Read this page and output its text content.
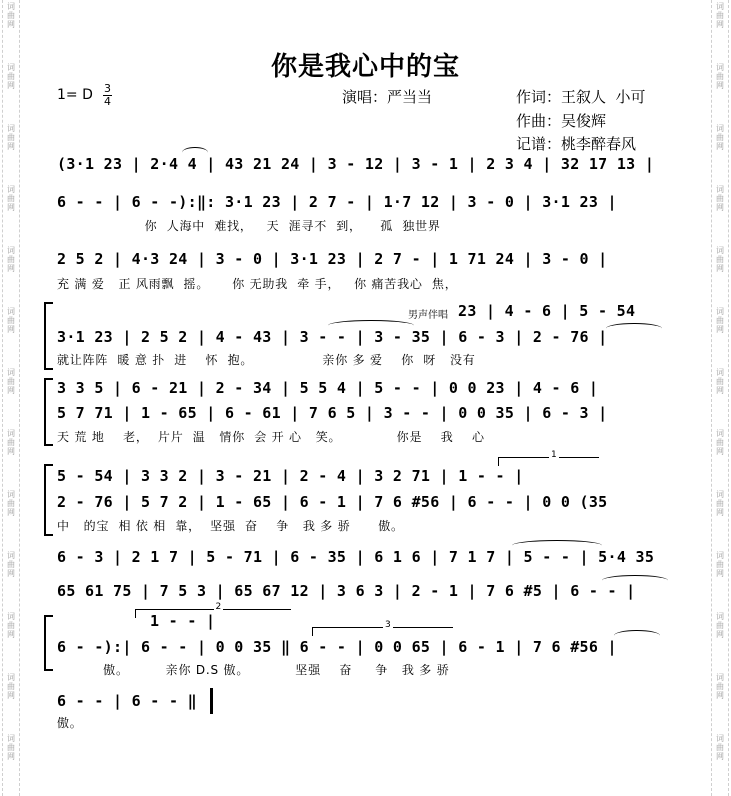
词
曲
网
词
曲
网
词
曲
网
词
曲
网
词
曲
网
词
曲
网
词
曲
网
词
曲
网
词
曲
网
词
曲
网
词
曲
网
词
曲
网
词
曲
网
词
曲
网
词
曲
网
词
曲
网
词
曲
网
词
曲
网
词
曲
网
词
曲
网
词
曲
网
词
曲
网
词
曲
网
词
曲
网
词
曲
网
词
曲
网
你是我心中的宝
1= D 3
4	演唱：严当当	作词：王叙人  小可
作曲：吴俊辉
记谱：桃李醉春风
(3·1 23 | 2·4 4 | 43 21 24 | 3 - 12 | 3 - 1 | 2 3 4 | 32 17 13 |
6 - - | 6 - -):‖: 3·1 23 | 2 7 - | 1·7 12 | 3 - 0 | 3·1 23 |
你  人海中  难找，   天  涯寻不  到，    孤  独世界
2 5 2 | 4·3 24 | 3 - 0 | 3·1 23 | 2 7 - | 1 71 24 | 3 - 0 |
充 满 爱   正 风雨飘  摇。     你 无助我  牵 手，   你 痛苦我心  焦，
男声伴唱 23 | 4 - 6 | 5 - 54
3·1 23 | 2 5 2 | 4 - 43 | 3 - - | 3 - 35 | 6 - 3 | 2 - 76 |
就让阵阵  暖 意 扑  进    怀  抱。               亲你 多 爱    你  呀   没有
3 3 5 | 6 - 21 | 2 - 34 | 5 5 4 | 5 - - | 0 0 23 | 4 - 6 |
5 7 71 | 1 - 65 | 6 - 61 | 7 6 5 | 3 - - | 0 0 35 | 6 - 3 |
天 荒 地    老，  片片  温   情你  会 开 心   笑。            你是    我    心
1
5 - 54 | 3 3 2 | 3 - 21 | 2 - 4 | 3 2 71 | 1 - - |
2 - 76 | 5 7 2 | 1 - 65 | 6 - 1 | 7 6 #56 | 6 - - | 0 0 (35
中   的宝  相 依 相  靠，  坚强  奋    争   我 多 骄      傲。
6 - 3 | 2 1 7 | 5 - 71 | 6 - 35 | 6 1 6 | 7 1 7 | 5 - - | 5·4 35
65 61 75 | 7 5 3 | 65 67 12 | 3 6 3 | 2 - 1 | 7 6 #5 | 6 - - |
2
3
1 - - |
6 - -):| 6 - - | 0 0 35 ‖ 6 - - | 0 0 65 | 6 - 1 | 7 6 #56 |
傲。        亲你 D.S 傲。          坚强    奋     争   我 多 骄
6 - - | 6 - - ‖
傲。
